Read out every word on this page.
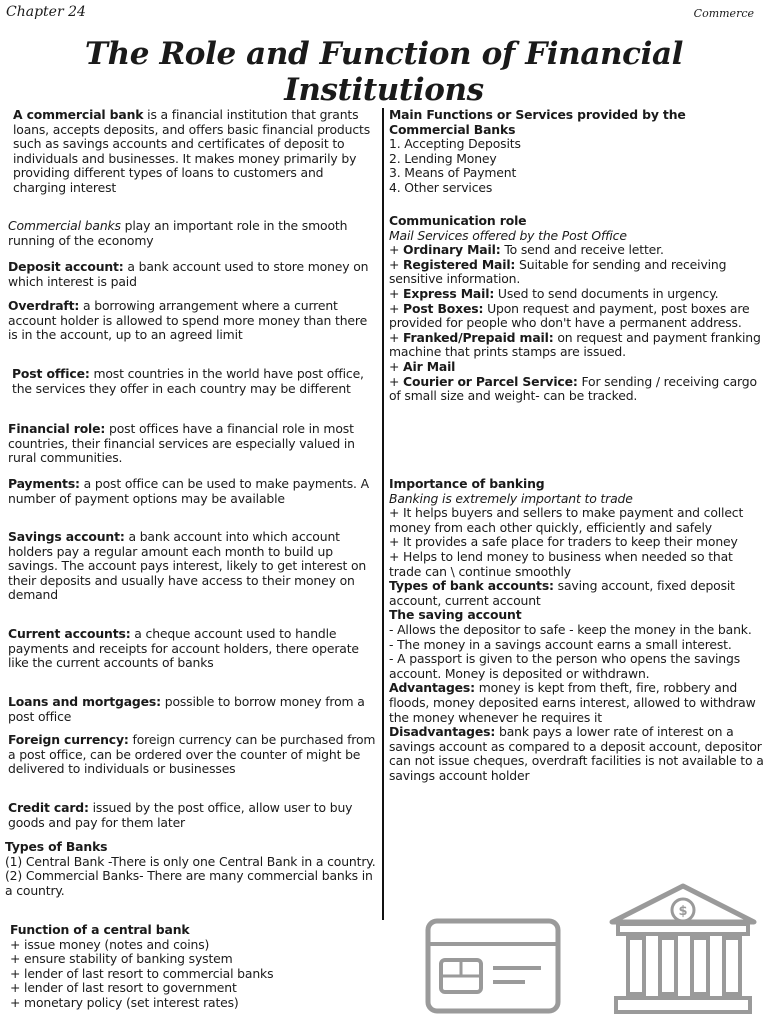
Chapter 24	Commerce
The Role and Function of Financial Institutions
A commercial bank is a financial institution that grants loans, accepts deposits, and offers basic financial products such as savings accounts and certificates of deposit to individuals and businesses. It makes money primarily by providing different types of loans to customers and charging interest
Commercial banks play an important role in the smooth running of the economy
Deposit account: a bank account used to store money on which interest is paid
Overdraft: a borrowing arrangement where a current account holder is allowed to spend more money than there is in the account, up to an agreed limit
Post office: most countries in the world have post office, the services they offer in each country may be different
Financial role: post offices have a financial role in most countries, their financial services are especially valued in rural communities.
Payments: a post office can be used to make payments. A number of payment options may be available
Savings account: a bank account into which account holders pay a regular amount each month to build up savings. The account pays interest, likely to get interest on their deposits and usually have access to their money on demand
Current accounts: a cheque account used to handle payments and receipts for account holders, there operate like the current accounts of banks
Loans and mortgages: possible to borrow money from a post office
Foreign currency: foreign currency can be purchased from a post office, can be ordered over the counter of might be delivered to individuals or businesses
Credit card: issued by the post office, allow user to buy goods and pay for them later
Types of Banks
(1) Central Bank -There is only one Central Bank in a country.
(2) Commercial Banks- There are many commercial banks in a country.
Function of a central bank
+ issue money (notes and coins)
+ ensure stability of banking system
+ lender of last resort to commercial banks
+ lender of last resort to government
+ monetary policy (set interest rates)
Main Functions or Services provided by the Commercial Banks
1. Accepting Deposits
2. Lending Money
3. Means of Payment
4. Other services
Communication role
Mail Services offered by the Post Office
+ Ordinary Mail: To send and receive letter.
+ Registered Mail: Suitable for sending and receiving sensitive information.
+ Express Mail: Used to send documents in urgency.
+ Post Boxes: Upon request and payment, post boxes are provided for people who don't have a permanent address.
+ Franked/Prepaid mail: on request and payment franking machine that prints stamps are issued.
+ Air Mail
+ Courier or Parcel Service: For sending / receiving cargo of small size and weight- can be tracked.
Importance of banking
Banking is extremely important to trade
+ It helps buyers and sellers to make payment and collect money from each other quickly, efficiently and safely
+ It provides a safe place for traders to keep their money
+ Helps to lend money to business when needed so that trade can \ continue smoothly
Types of bank accounts: saving account, fixed deposit account, current account
The saving account
- Allows the depositor to safe - keep the money in the bank.
- The money in a savings account earns a small interest.
- A passport is given to the person who opens the savings account. Money is deposited or withdrawn.
Advantages: money is kept from theft, fire, robbery and floods, money deposited earns interest, allowed to withdraw the money whenever he requires it
Disadvantages: bank pays a lower rate of interest on a savings account as compared to a deposit account, depositor can not issue cheques, overdraft facilities is not available to a savings account holder
$
